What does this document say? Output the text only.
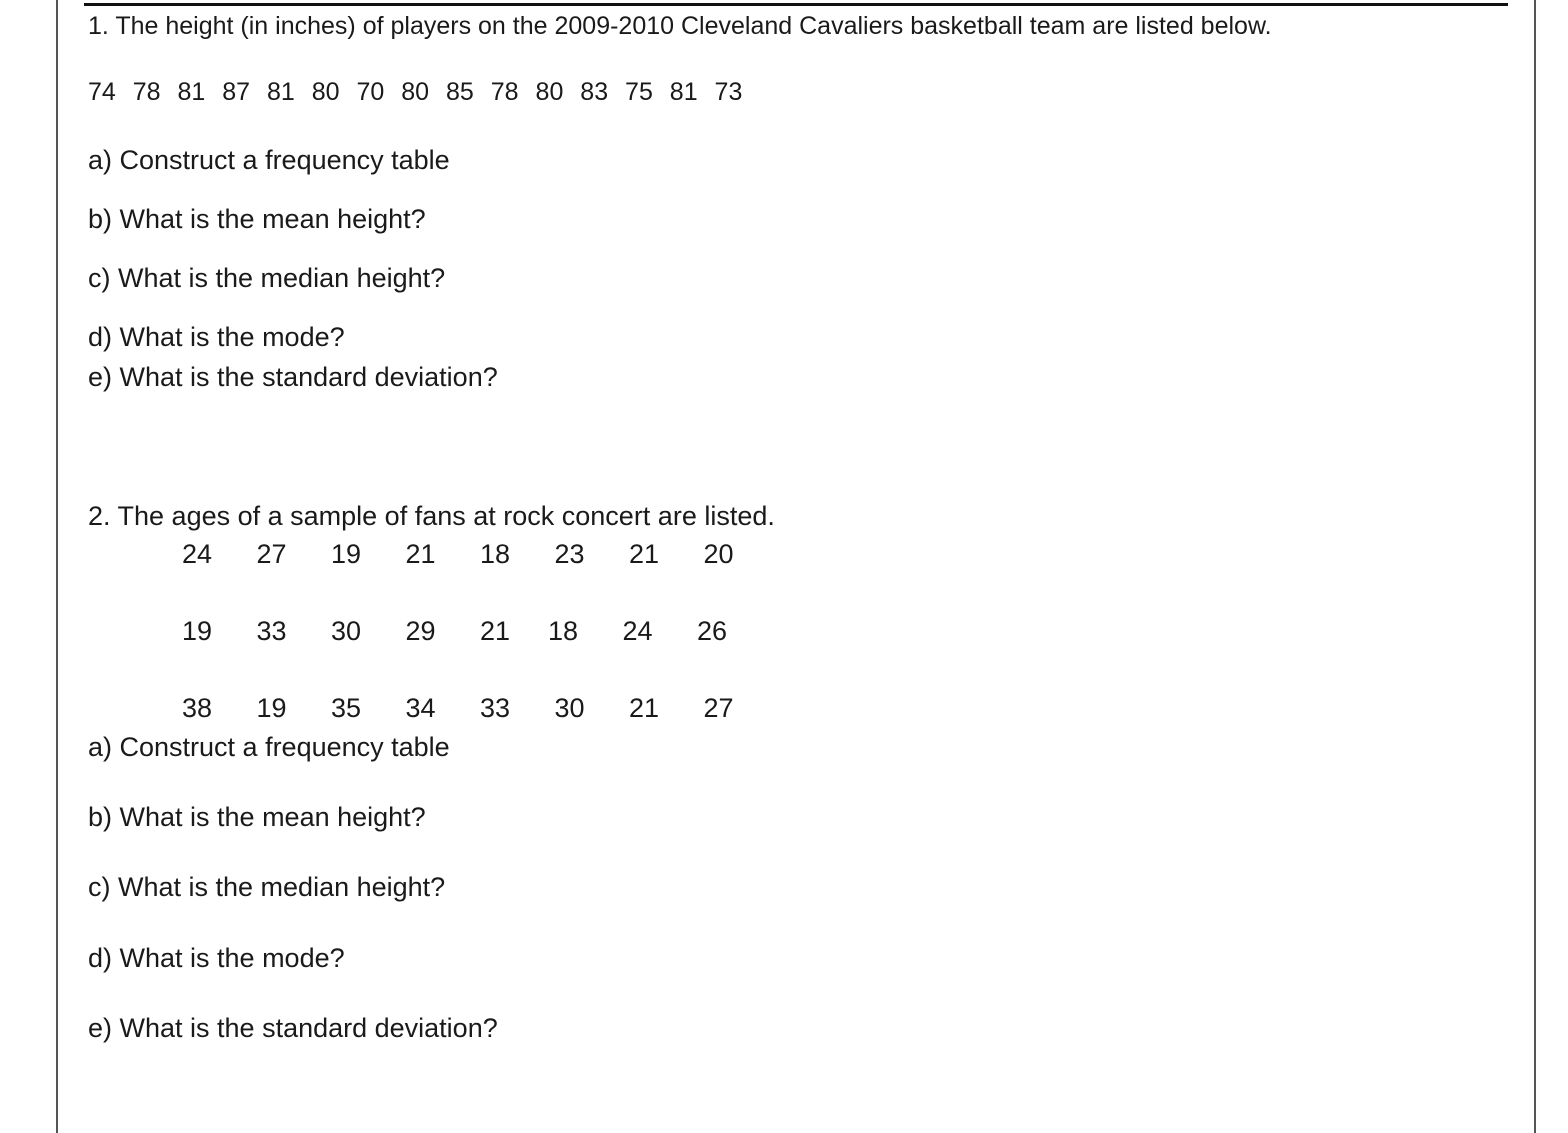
1. The height (in inches) of players on the 2009-2010 Cleveland Cavaliers basketball team are listed below.
74 78 81 87 81 80 70 80 85 78 80 83 75 81 73
a) Construct a frequency table
b) What is the mean height?
c) What is the median height?
d) What is the mode?
e) What is the standard deviation?
2. The ages of a sample of fans at rock concert are listed.
24	27	19	21	18	23	21	20
19	33	30	29	21	18	24	26
38	19	35	34	33	30	21	27
a) Construct a frequency table
b) What is the mean height?
c) What is the median height?
d) What is the mode?
e) What is the standard deviation?
